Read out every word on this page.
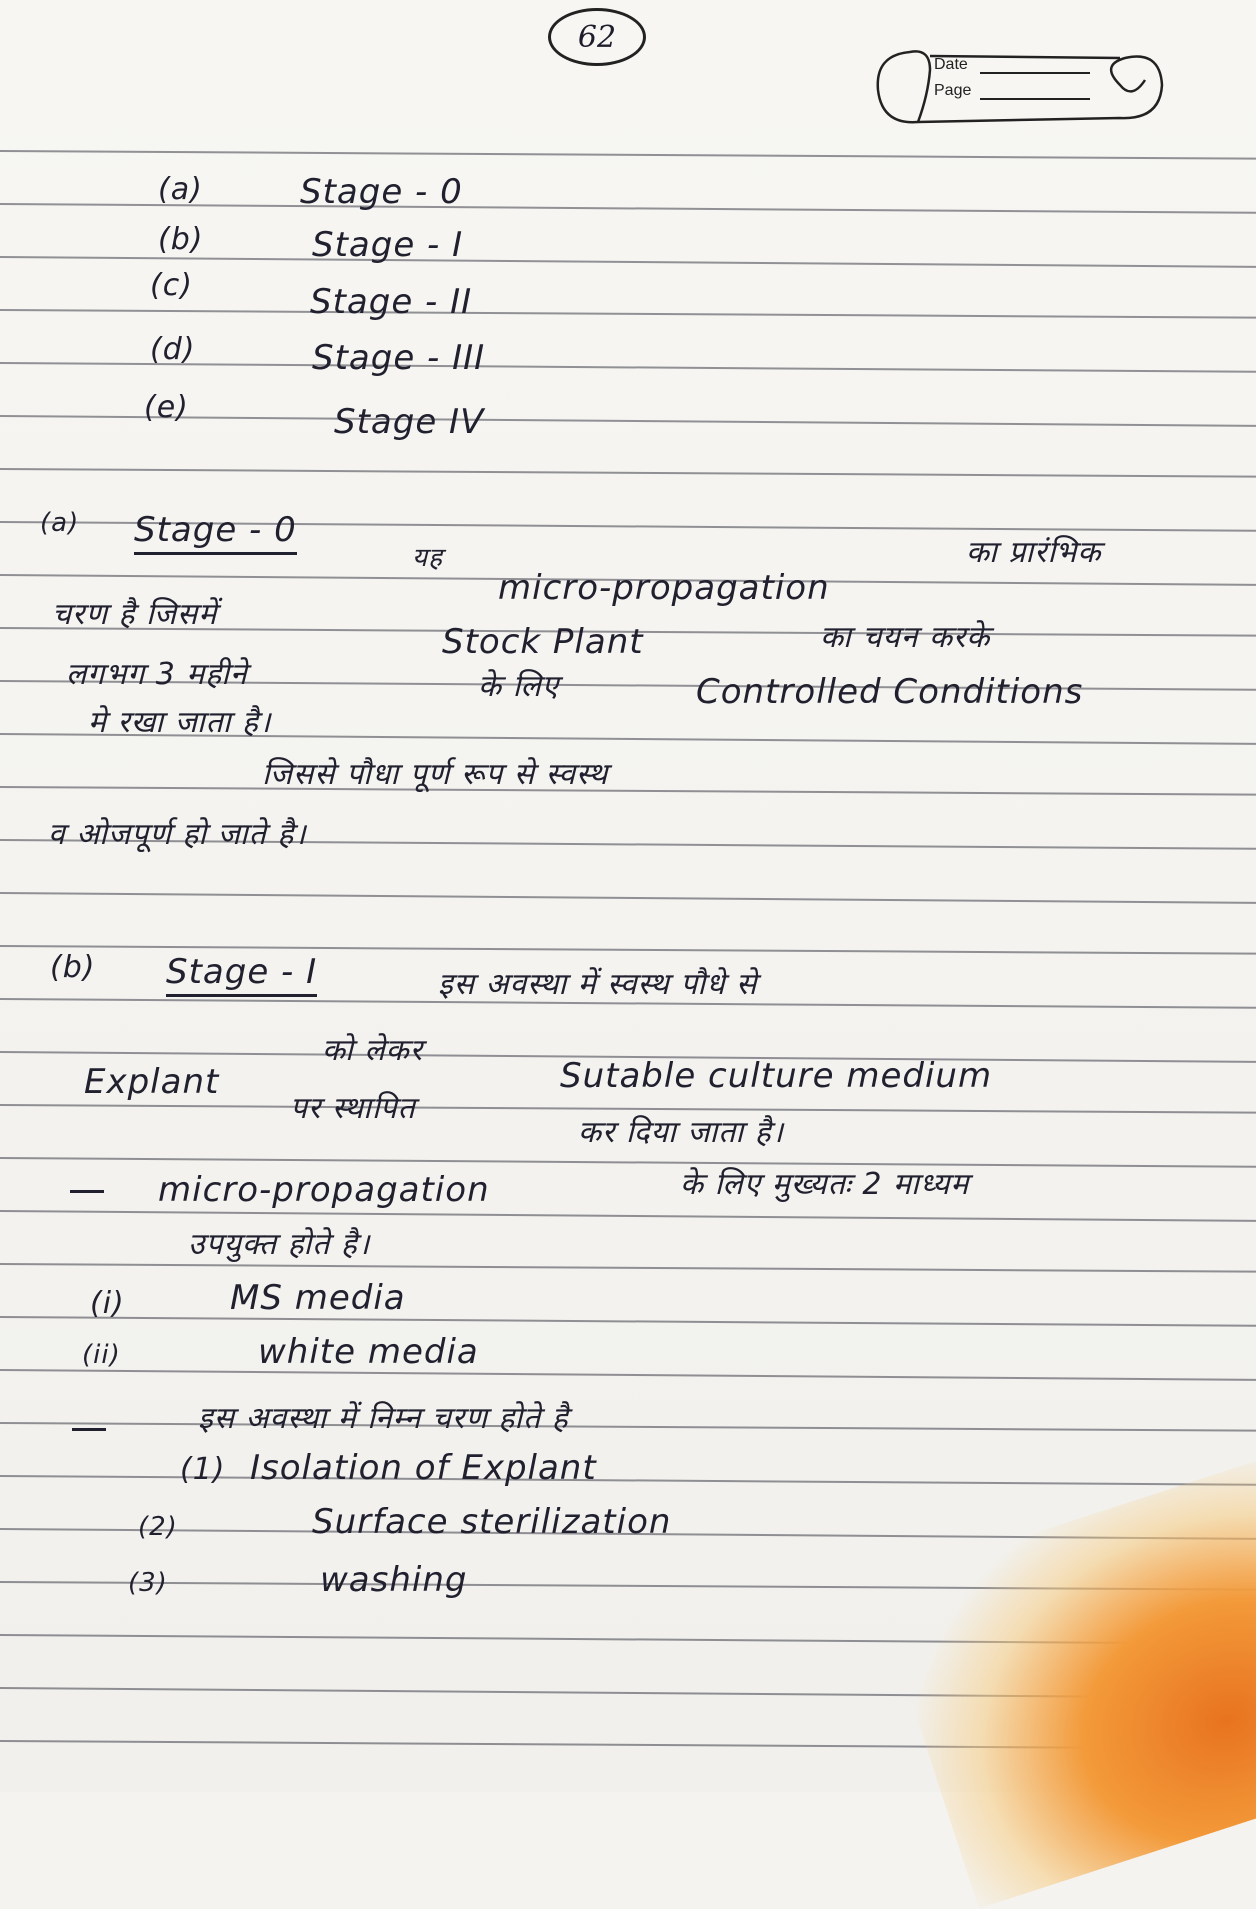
62
Date
Page
(a)	Stage - 0
(b)	Stage - I
(c)	Stage - II
(d)	Stage - III
(e)	Stage IV
(a) Stage - 0
यह	का प्रारंभिक
micro-propagation
चरण है जिसमें
Stock Plant	का चयन करके
लगभग 3 महीने	के लिए	Controlled Conditions
मे रखा जाता है।
जिससे पौधा पूर्ण रूप से स्वस्थ
व ओजपूर्ण हो जाते है।
(b) Stage - I	इस अवस्था में स्वस्थ पौधे से
को लेकर
Explant	Sutable culture medium
पर स्थापित
कर दिया जाता है।
micro-propagation	के लिए मुख्यतः 2 माध्यम
उपयुक्त होते है।
(i)	MS media
(ii)	white media
इस अवस्था में निम्न चरण होते है
(1) Isolation of Explant
(2)	Surface sterilization
(3)	washing
